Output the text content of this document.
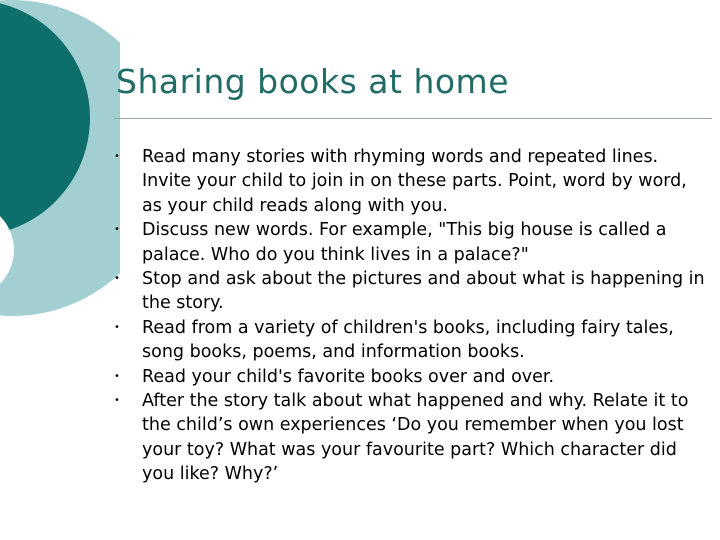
Sharing books at home
• Read many stories with rhyming words and repeated lines. Invite your child to join in on these parts. Point, word by word, as your child reads along with you.
• Discuss new words. For example, "This big house is called a palace. Who do you think lives in a palace?"
• Stop and ask about the pictures and about what is happening in the story.
• Read from a variety of children's books, including fairy tales, song books, poems, and information books.
• Read your child's favorite books over and over.
• After the story talk about what happened and why. Relate it to the child’s own experiences ‘Do you remember when you lost your toy? What was your favourite part? Which character did you like? Why?’
